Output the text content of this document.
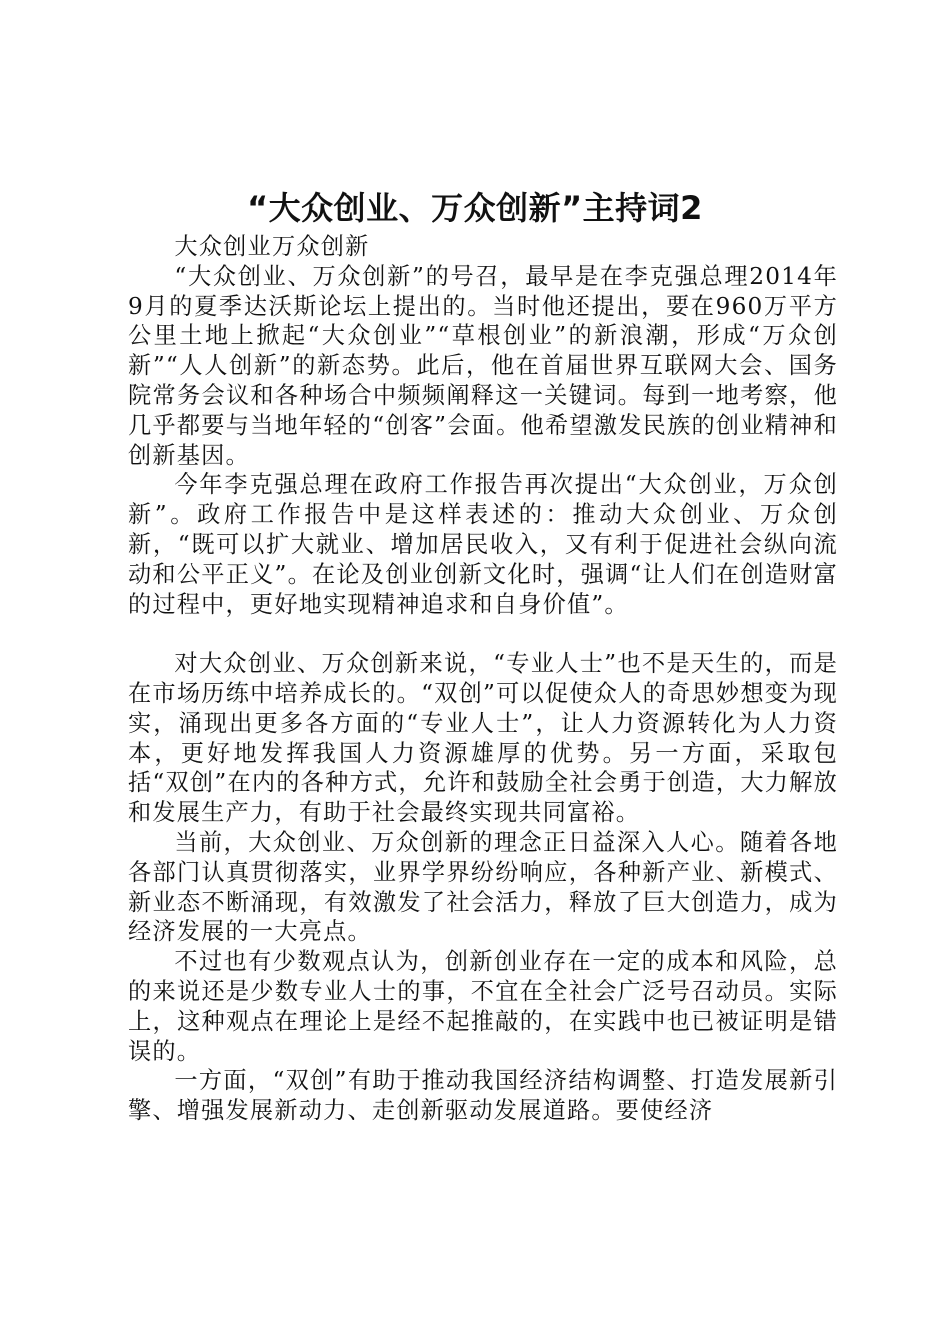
“大众创业、万众创新”主持词2

大众创业万众创新

“大众创业、万众创新”的号召，最早是在李克强总理2014年9月的夏季达沃斯论坛上提出的。当时他还提出，要在960万平方公里土地上掀起“大众创业”“草根创业”的新浪潮，形成“万众创新”“人人创新”的新态势。此后，他在首届世界互联网大会、国务院常务会议和各种场合中频频阐释这一关键词。每到一地考察，他几乎都要与当地年轻的“创客”会面。他希望激发民族的创业精神和创新基因。

今年李克强总理在政府工作报告再次提出“大众创业，万众创新”。政府工作报告中是这样表述的：推动大众创业、万众创新，“既可以扩大就业、增加居民收入，又有利于促进社会纵向流动和公平正义”。在论及创业创新文化时，强调“让人们在创造财富的过程中，更好地实现精神追求和自身价值”。

对大众创业、万众创新来说，“专业人士”也不是天生的，而是在市场历练中培养成长的。“双创”可以促使众人的奇思妙想变为现实，涌现出更多各方面的“专业人士”，让人力资源转化为人力资本，更好地发挥我国人力资源雄厚的优势。另一方面，采取包括“双创”在内的各种方式，允许和鼓励全社会勇于创造，大力解放和发展生产力，有助于社会最终实现共同富裕。

当前，大众创业、万众创新的理念正日益深入人心。随着各地各部门认真贯彻落实，业界学界纷纷响应，各种新产业、新模式、新业态不断涌现，有效激发了社会活力，释放了巨大创造力，成为经济发展的一大亮点。

不过也有少数观点认为，创新创业存在一定的成本和风险，总的来说还是少数专业人士的事，不宜在全社会广泛号召动员。实际上，这种观点在理论上是经不起推敲的，在实践中也已被证明是错误的。

一方面，“双创”有助于推动我国经济结构调整、打造发展新引擎、增强发展新动力、走创新驱动发展道路。要使经济
